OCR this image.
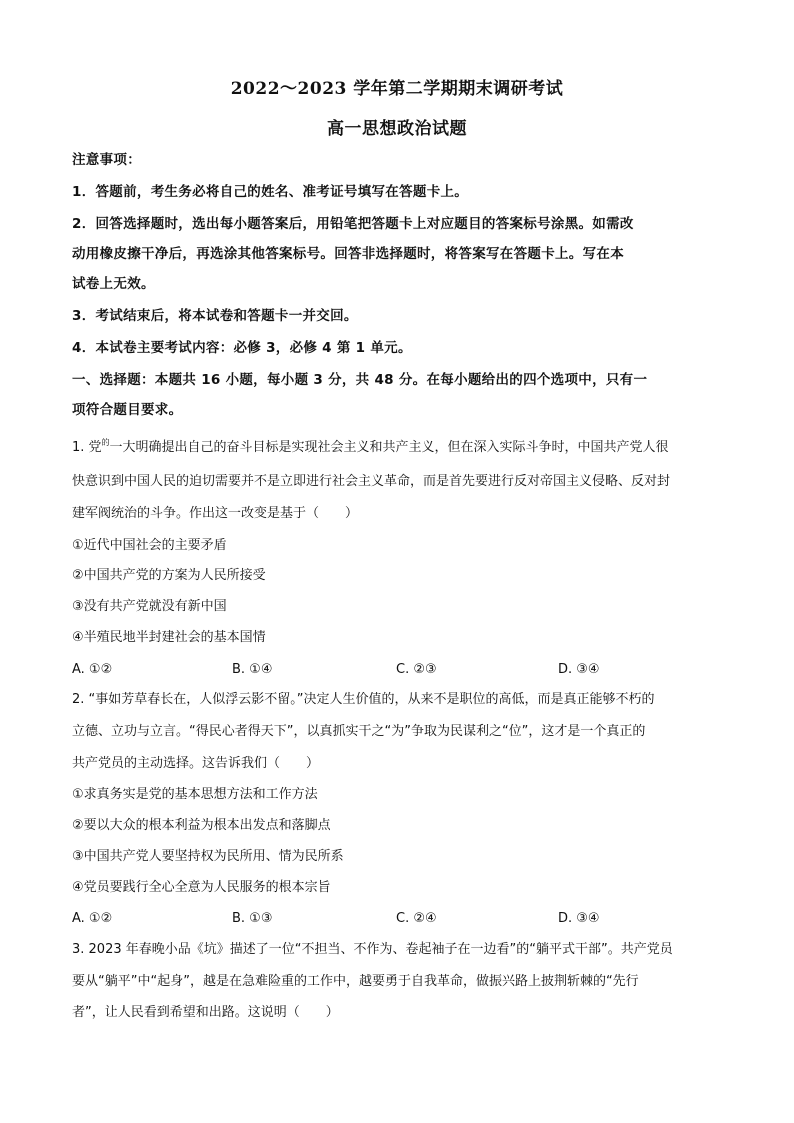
2022～2023 学年第二学期期末调研考试
高一思想政治试题
注意事项：
1．答题前，考生务必将自己的姓名、准考证号填写在答题卡上。
2．回答选择题时，选出每小题答案后，用铅笔把答题卡上对应题目的答案标号涂黑。如需改
动用橡皮擦干净后，再选涂其他答案标号。回答非选择题时，将答案写在答题卡上。写在本
试卷上无效。
3．考试结束后，将本试卷和答题卡一并交回。
4．本试卷主要考试内容：必修 3，必修 4 第 1 单元。
一、选择题：本题共 16 小题，每小题 3 分，共 48 分。在每小题给出的四个选项中，只有一
项符合题目要求。
1. 党$^的$一大明确提出自己的奋斗目标是实现社会主义和共产主义，但在深入实际斗争时，中国共产党人很
快意识到中国人民的迫切需要并不是立即进行社会主义革命，而是首先要进行反对帝国主义侵略、反对封
建军阀统治的斗争。作出这一改变是基于（　　）
①近代中国社会的主要矛盾
②中国共产党的方案为人民所接受
③没有共产党就没有新中国
④半殖民地半封建社会的基本国情
A. ①②	B. ①④	C. ②③	D. ③④
2. “事如芳草春长在，人似浮云影不留。”决定人生价值的，从来不是职位的高低，而是真正能够不朽的
立德、立功与立言。“得民心者得天下”，以真抓实干之“为”争取为民谋利之“位”，这才是一个真正的
共产党员的主动选择。这告诉我们（　　）
①求真务实是党的基本思想方法和工作方法
②要以大众的根本利益为根本出发点和落脚点
③中国共产党人要坚持权为民所用、情为民所系
④党员要践行全心全意为人民服务的根本宗旨
A. ①②	B. ①③	C. ②④	D. ③④
3. 2023 年春晚小品《坑》描述了一位“不担当、不作为、卷起袖子在一边看”的“躺平式干部”。共产党员
要从“躺平”中“起身”，越是在急难险重的工作中，越要勇于自我革命，做振兴路上披荆斩棘的“先行
者”，让人民看到希望和出路。这说明（　　）
